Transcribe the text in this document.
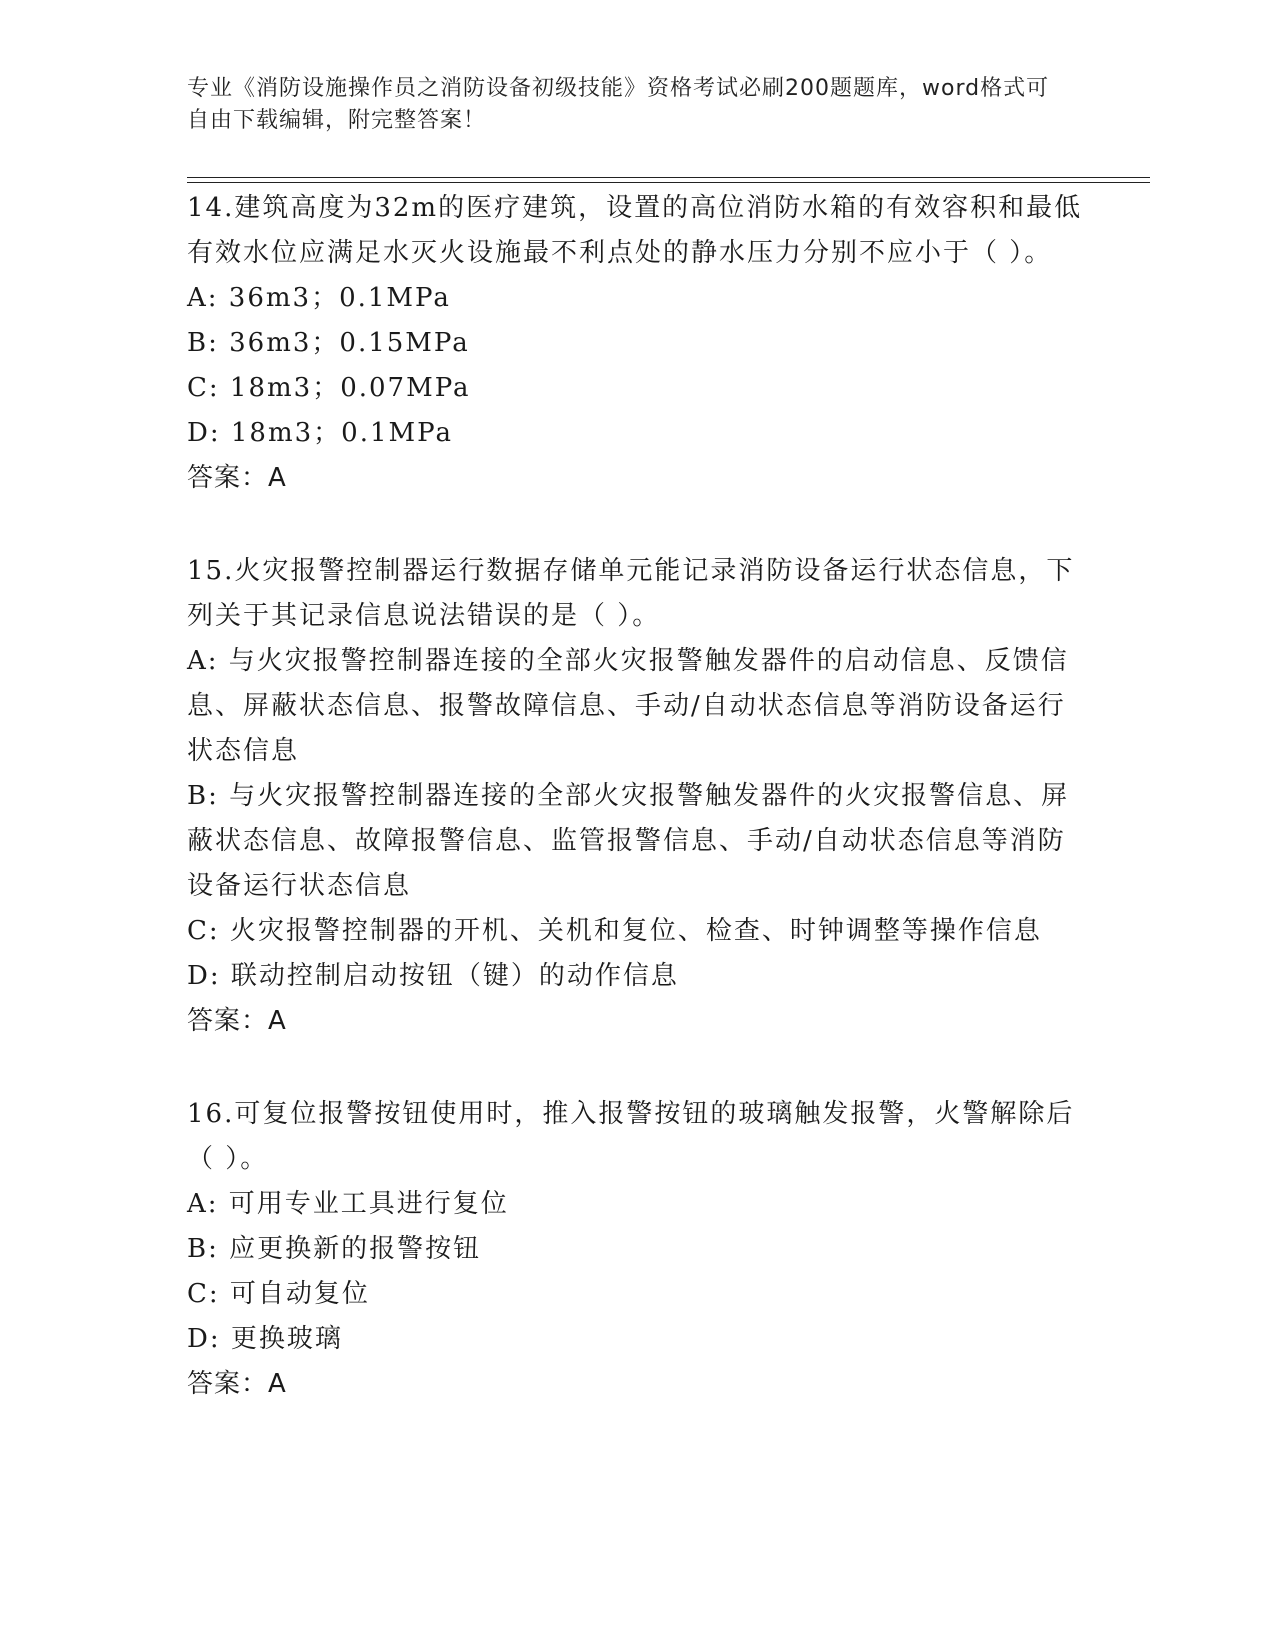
专业《消防设施操作员之消防设备初级技能》资格考试必刷200题题库，word格式可自由下载编辑，附完整答案！

14.建筑高度为32m的医疗建筑，设置的高位消防水箱的有效容积和最低有效水位应满足水灭火设施最不利点处的静水压力分别不应小于（ ）。

A: 36m3；0.1MPa

B: 36m3；0.15MPa

C: 18m3；0.07MPa

D: 18m3；0.1MPa

答案：A

15.火灾报警控制器运行数据存储单元能记录消防设备运行状态信息，下列关于其记录信息说法错误的是（ ）。

A: 与火灾报警控制器连接的全部火灾报警触发器件的启动信息、反馈信息、屏蔽状态信息、报警故障信息、手动/自动状态信息等消防设备运行状态信息

B: 与火灾报警控制器连接的全部火灾报警触发器件的火灾报警信息、屏蔽状态信息、故障报警信息、监管报警信息、手动/自动状态信息等消防设备运行状态信息

C: 火灾报警控制器的开机、关机和复位、检查、时钟调整等操作信息

D: 联动控制启动按钮（键）的动作信息

答案：A

16.可复位报警按钮使用时，推入报警按钮的玻璃触发报警，火警解除后（ ）。

A: 可用专业工具进行复位

B: 应更换新的报警按钮

C: 可自动复位

D: 更换玻璃

答案：A
